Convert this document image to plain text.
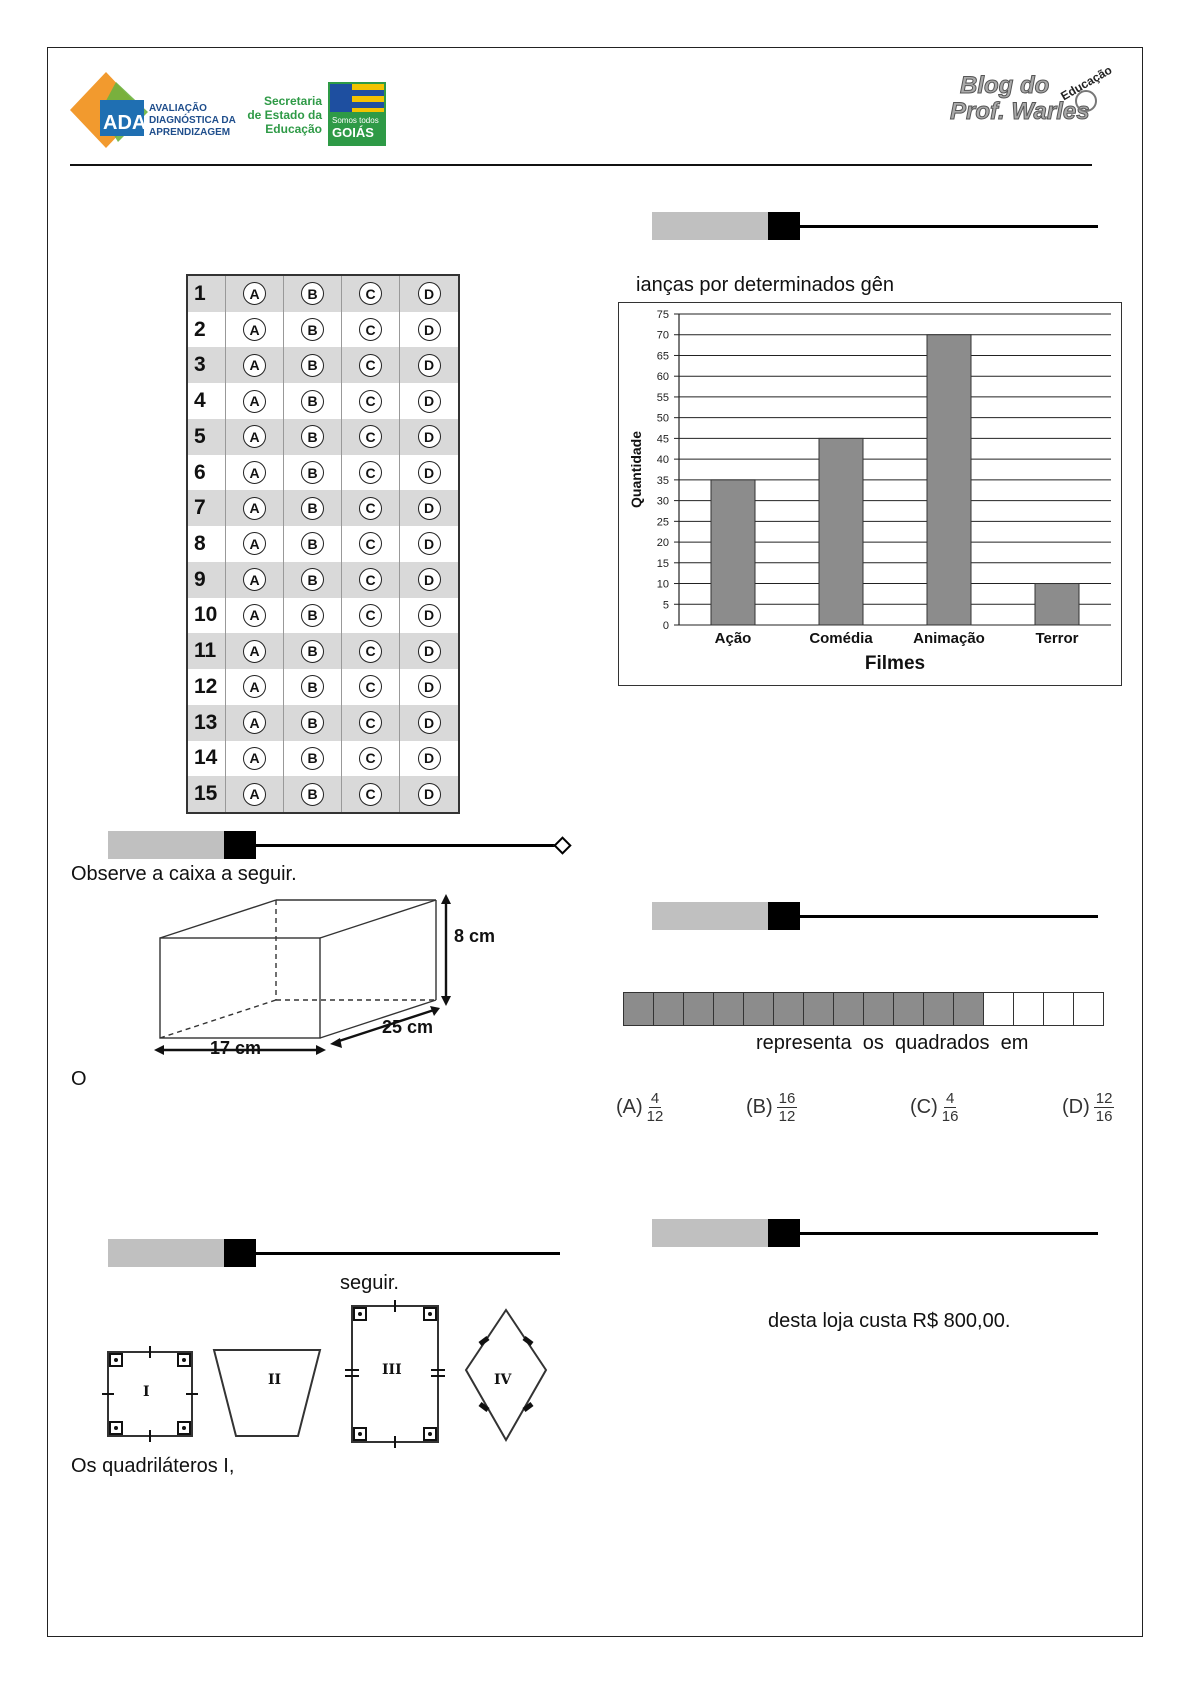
ADA
AVALIAÇÃO
DIAGNÓSTICA DA
APRENDIZAGEM
Secretaria
de Estado da
Educação
Somos todos
GOIÁS
Blog do
Prof. Warles
Educação
1	A	B	C	D
2	A	B	C	D
3	A	B	C	D
4	A	B	C	D
5	A	B	C	D
6	A	B	C	D
7	A	B	C	D
8	A	B	C	D
9	A	B	C	D
10	A	B	C	D
11	A	B	C	D
12	A	B	C	D
13	A	B	C	D
14	A	B	C	D
15	A	B	C	D
Observe a caixa a seguir.
8 cm
25 cm
17 cm
O
seguir.
I
II
III
IV
Os quadriláteros I,
ianças por determinados gên
0
5
10
15
20
25
30
35
40
45
50
55
60
65
70
75
Ação	Comédia	Animação	Terror
Filmes
Quantidade
representa  os  quadrados  em
$(A) \frac{4}{12}$	$(B) \frac{16}{12}$	$(C) \frac{4}{16}$	$(D) \frac{12}{16}$
desta loja custa R$ 800,00.
